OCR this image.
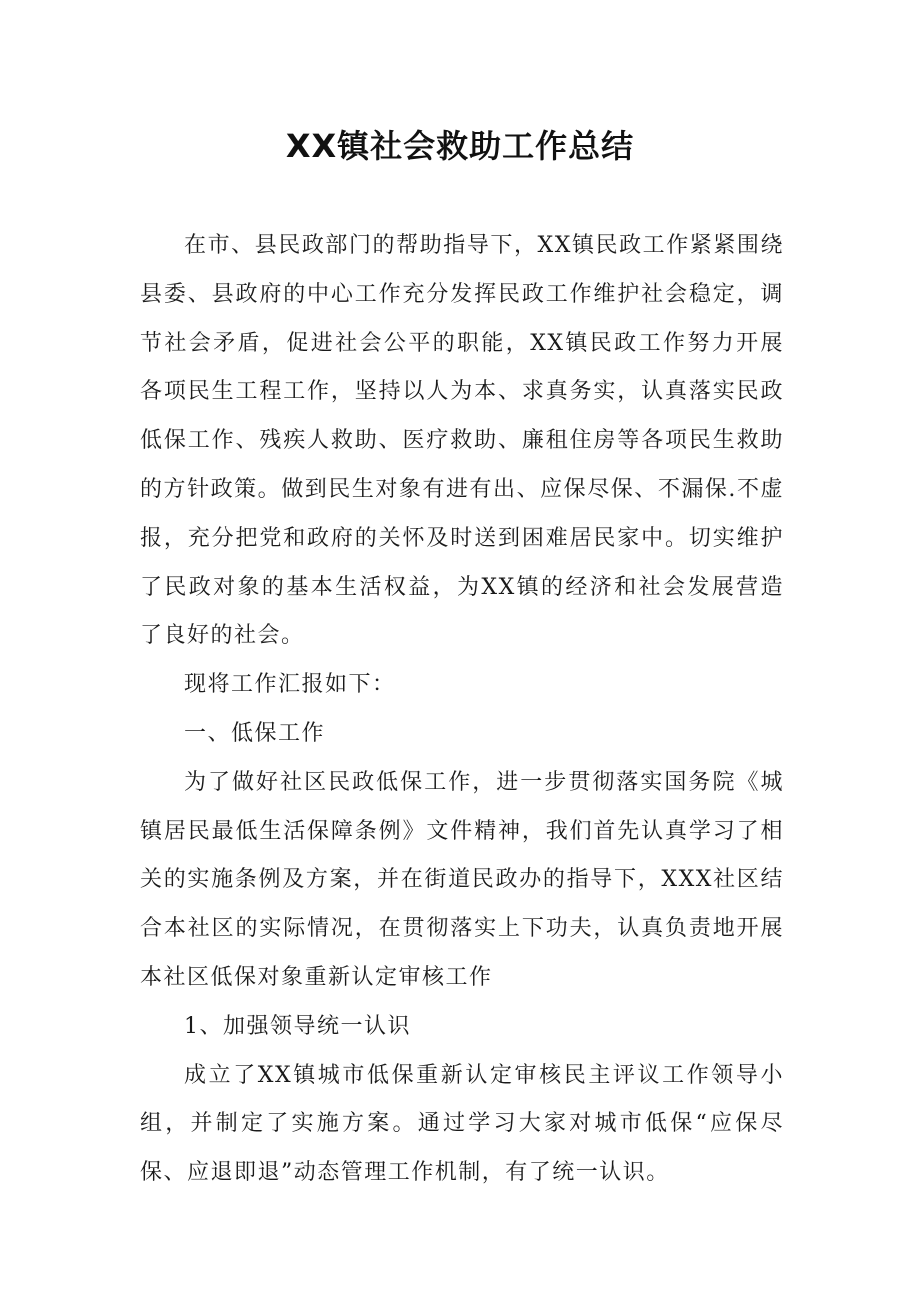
XX镇社会救助工作总结

在市、县民政部门的帮助指导下，XX镇民政工作紧紧围绕县委、县政府的中心工作充分发挥民政工作维护社会稳定，调节社会矛盾，促进社会公平的职能，XX镇民政工作努力开展各项民生工程工作，坚持以人为本、求真务实，认真落实民政低保工作、残疾人救助、医疗救助、廉租住房等各项民生救助的方针政策。做到民生对象有进有出、应保尽保、不漏保.不虚报，充分把党和政府的关怀及时送到困难居民家中。切实维护了民政对象的基本生活权益，为XX镇的经济和社会发展营造了良好的社会。

现将工作汇报如下：

一、低保工作

为了做好社区民政低保工作，进一步贯彻落实国务院《城镇居民最低生活保障条例》文件精神，我们首先认真学习了相关的实施条例及方案，并在街道民政办的指导下，XXX社区结合本社区的实际情况，在贯彻落实上下功夫，认真负责地开展本社区低保对象重新认定审核工作

1、加强领导统一认识

成立了XX镇城市低保重新认定审核民主评议工作领导小组，并制定了实施方案。通过学习大家对城市低保“应保尽保、应退即退”动态管理工作机制，有了统一认识。
